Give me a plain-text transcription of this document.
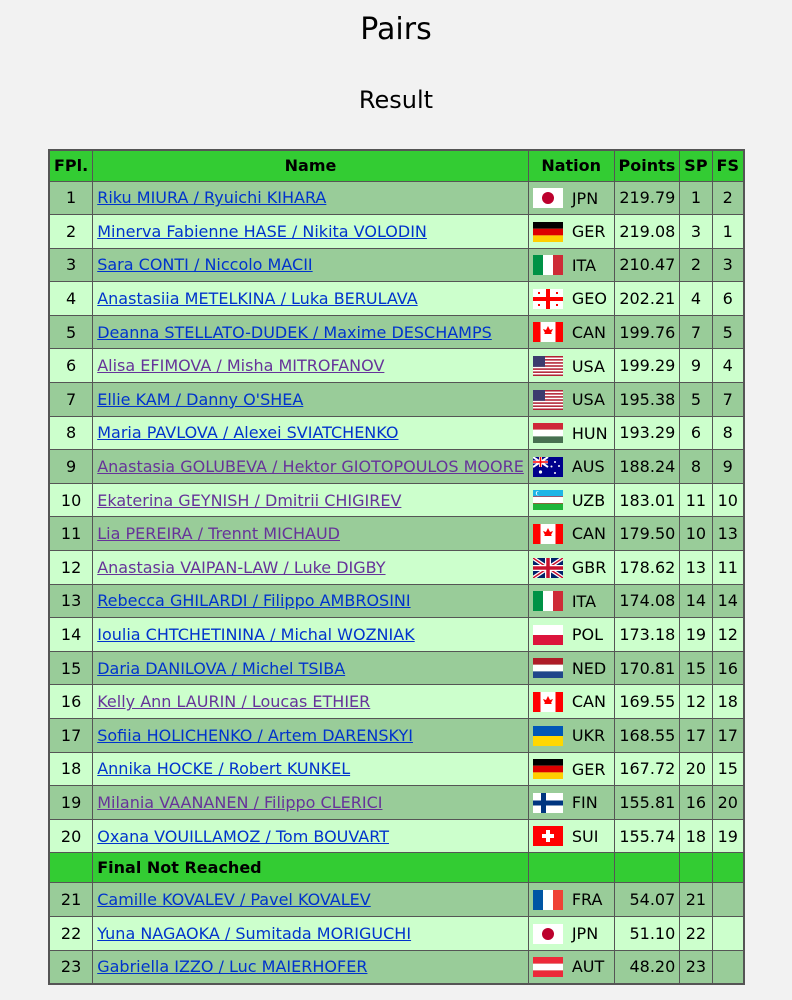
Pairs
Result
FPl.	Name	Nation	Points	SP	FS
1	Riku MIURA / Ryuichi KIHARA	JPN	219.79	1	2
2	Minerva Fabienne HASE / Nikita VOLODIN	GER	219.08	3	1
3	Sara CONTI / Niccolo MACII	ITA	210.47	2	3
4	Anastasiia METELKINA / Luka BERULAVA	GEO	202.21	4	6
5	Deanna STELLATO-DUDEK / Maxime DESCHAMPS	CAN	199.76	7	5
6	Alisa EFIMOVA / Misha MITROFANOV	USA	199.29	9	4
7	Ellie KAM / Danny O'SHEA	USA	195.38	5	7
8	Maria PAVLOVA / Alexei SVIATCHENKO	HUN	193.29	6	8
9	Anastasia GOLUBEVA / Hektor GIOTOPOULOS MOORE	AUS	188.24	8	9
10	Ekaterina GEYNISH / Dmitrii CHIGIREV	UZB	183.01	11	10
11	Lia PEREIRA / Trennt MICHAUD	CAN	179.50	10	13
12	Anastasia VAIPAN-LAW / Luke DIGBY	GBR	178.62	13	11
13	Rebecca GHILARDI / Filippo AMBROSINI	ITA	174.08	14	14
14	Ioulia CHTCHETININA / Michal WOZNIAK	POL	173.18	19	12
15	Daria DANILOVA / Michel TSIBA	NED	170.81	15	16
16	Kelly Ann LAURIN / Loucas ETHIER	CAN	169.55	12	18
17	Sofiia HOLICHENKO / Artem DARENSKYI	UKR	168.55	17	17
18	Annika HOCKE / Robert KUNKEL	GER	167.72	20	15
19	Milania VAANANEN / Filippo CLERICI	FIN	155.81	16	20
20	Oxana VOUILLAMOZ / Tom BOUVART	SUI	155.74	18	19
	Final Not Reached				
21	Camille KOVALEV / Pavel KOVALEV	FRA	54.07	21	
22	Yuna NAGAOKA / Sumitada MORIGUCHI	JPN	51.10	22	
23	Gabriella IZZO / Luc MAIERHOFER	AUT	48.20	23	
